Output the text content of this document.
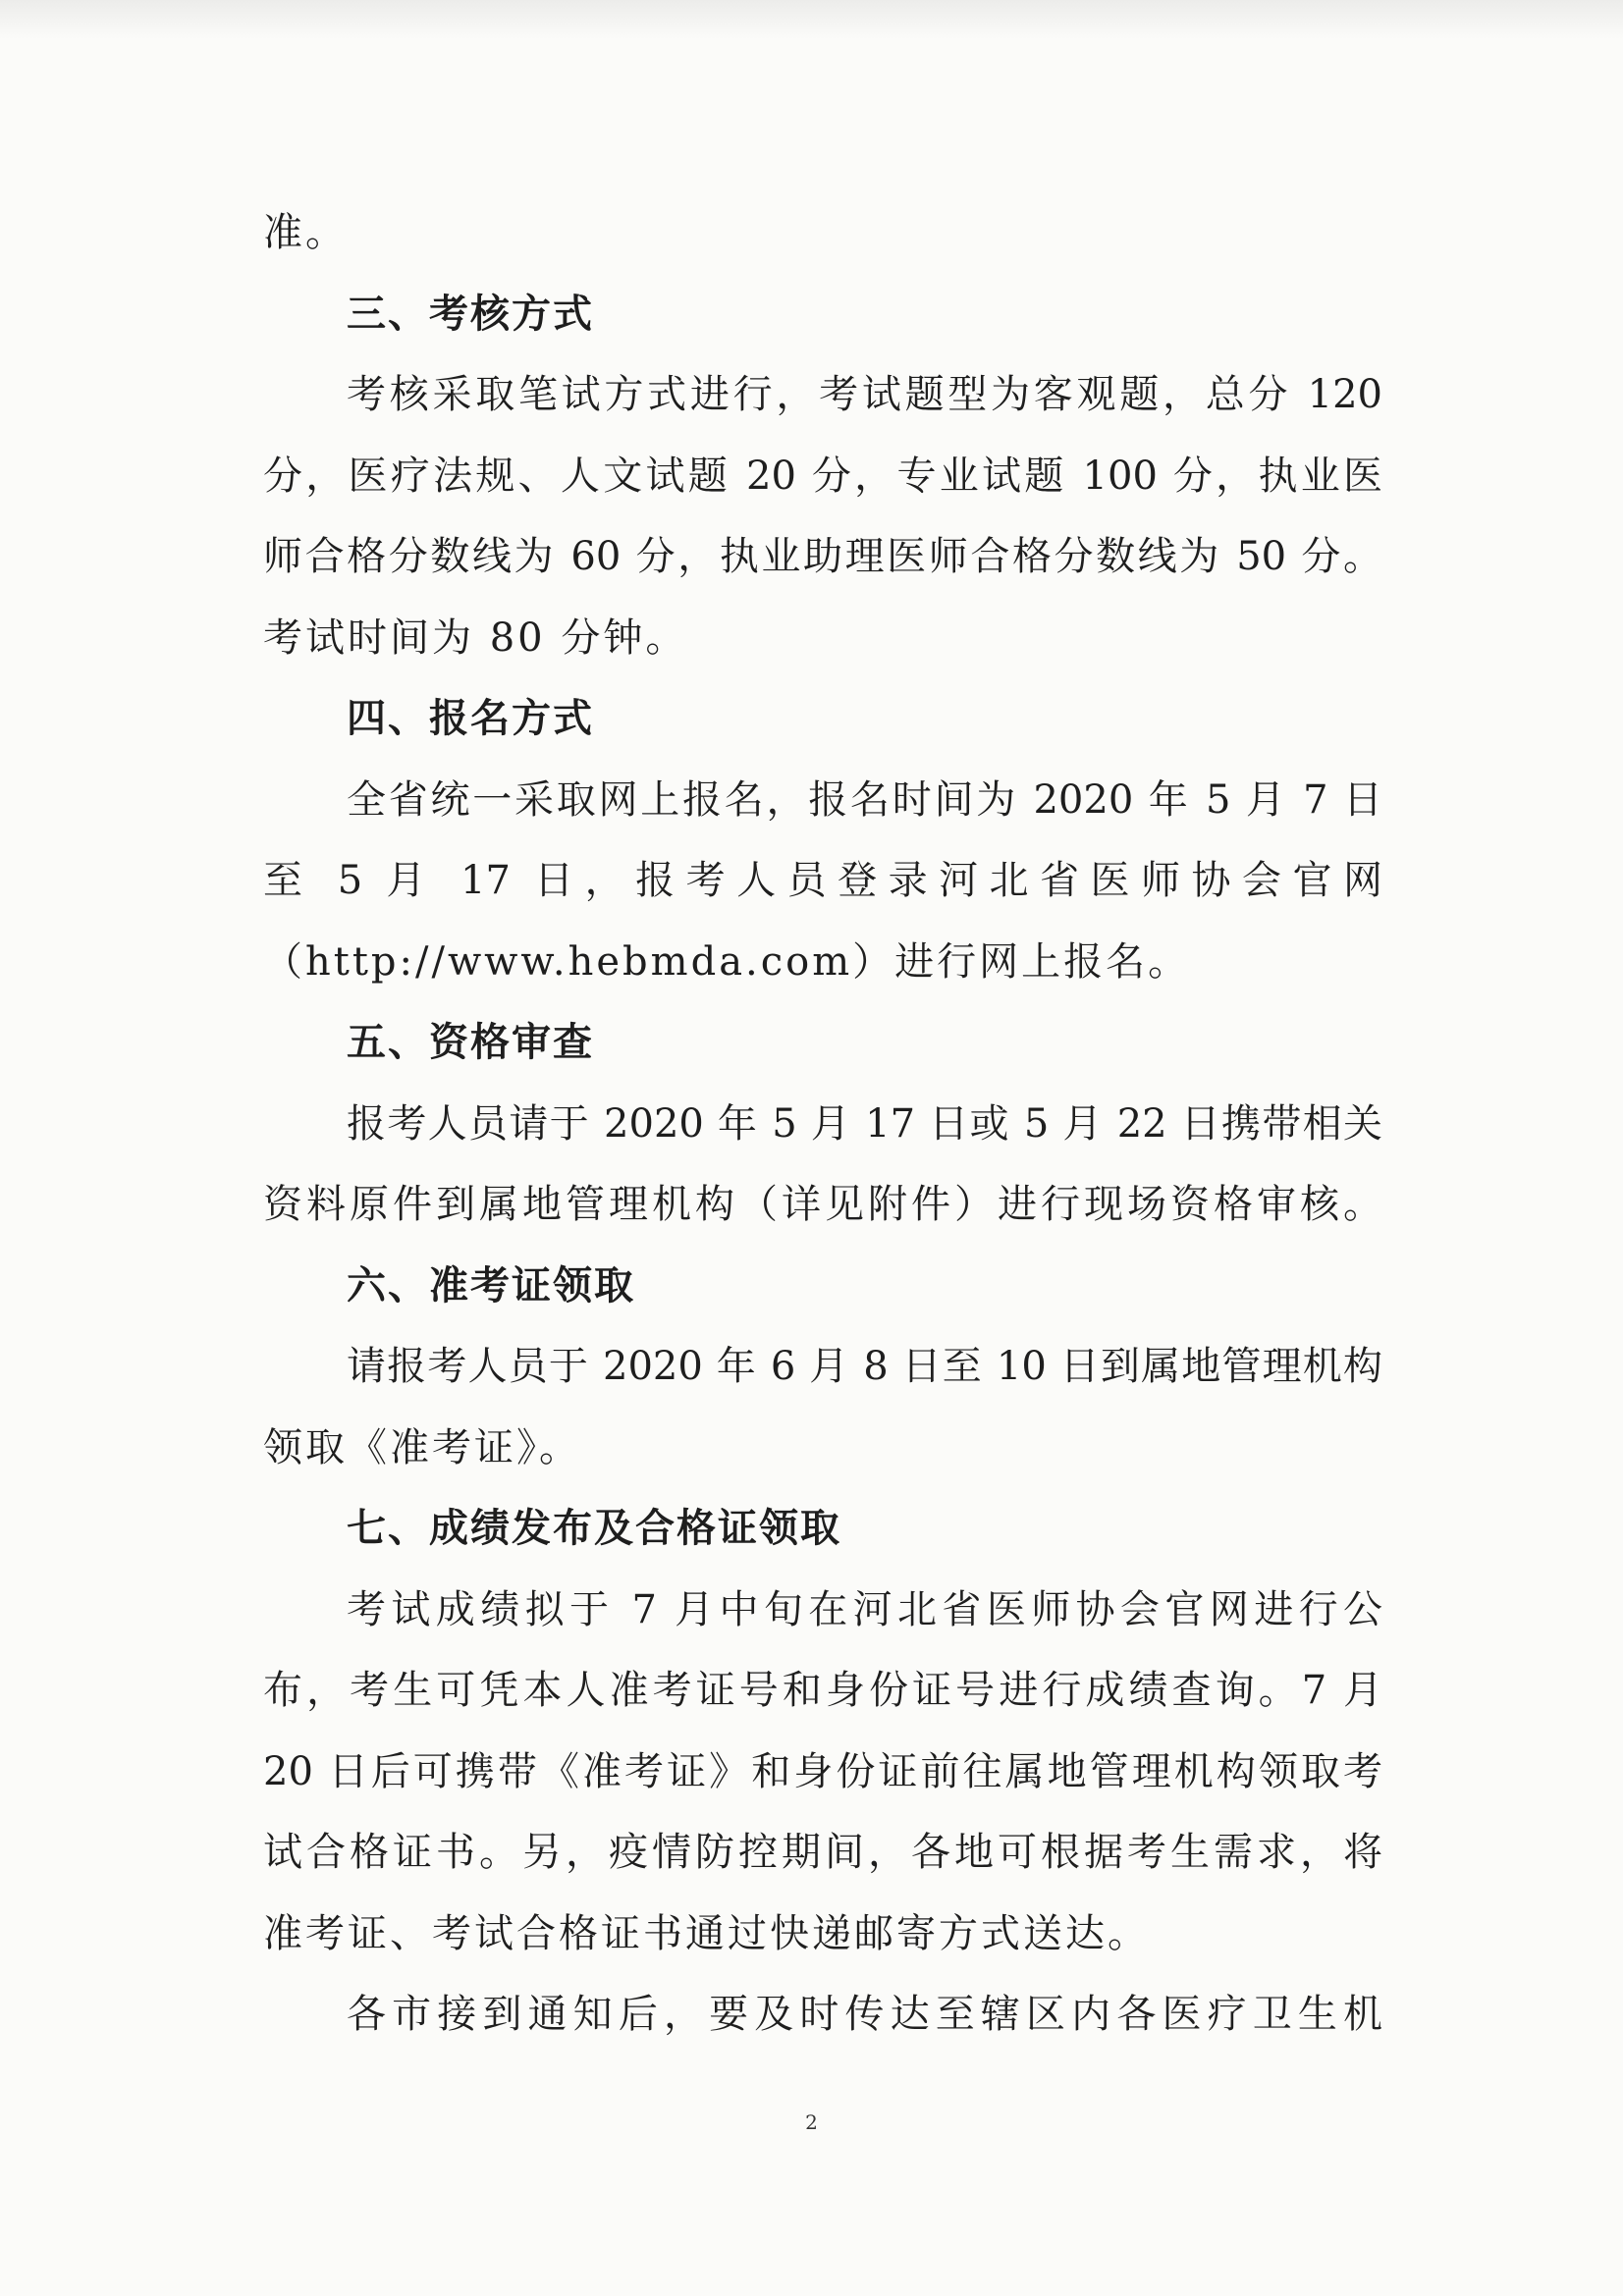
准。
三、考核方式
考核采取笔试方式进行，考试题型为客观题，总分 120
分，医疗法规、人文试题 20 分，专业试题 100 分，执业医
师合格分数线为 60 分，执业助理医师合格分数线为 50 分。
考试时间为 80 分钟。
四、报名方式
全省统一采取网上报名，报名时间为 2020 年 5 月 7 日
至 5 月 17 日，报考人员登录河北省医师协会官网
（http://www.hebmda.com）进行网上报名。
五、资格审查
报考人员请于 2020 年 5 月 17 日或 5 月 22 日携带相关
资料原件到属地管理机构（详见附件）进行现场资格审核。
六、准考证领取
请报考人员于 2020 年 6 月 8 日至 10 日到属地管理机构
领取《准考证》。
七、成绩发布及合格证领取
考试成绩拟于 7 月中旬在河北省医师协会官网进行公
布，考生可凭本人准考证号和身份证号进行成绩查询。7 月
20 日后可携带《准考证》和身份证前往属地管理机构领取考
试合格证书。另，疫情防控期间，各地可根据考生需求，将
准考证、考试合格证书通过快递邮寄方式送达。
各市接到通知后，要及时传达至辖区内各医疗卫生机
2
